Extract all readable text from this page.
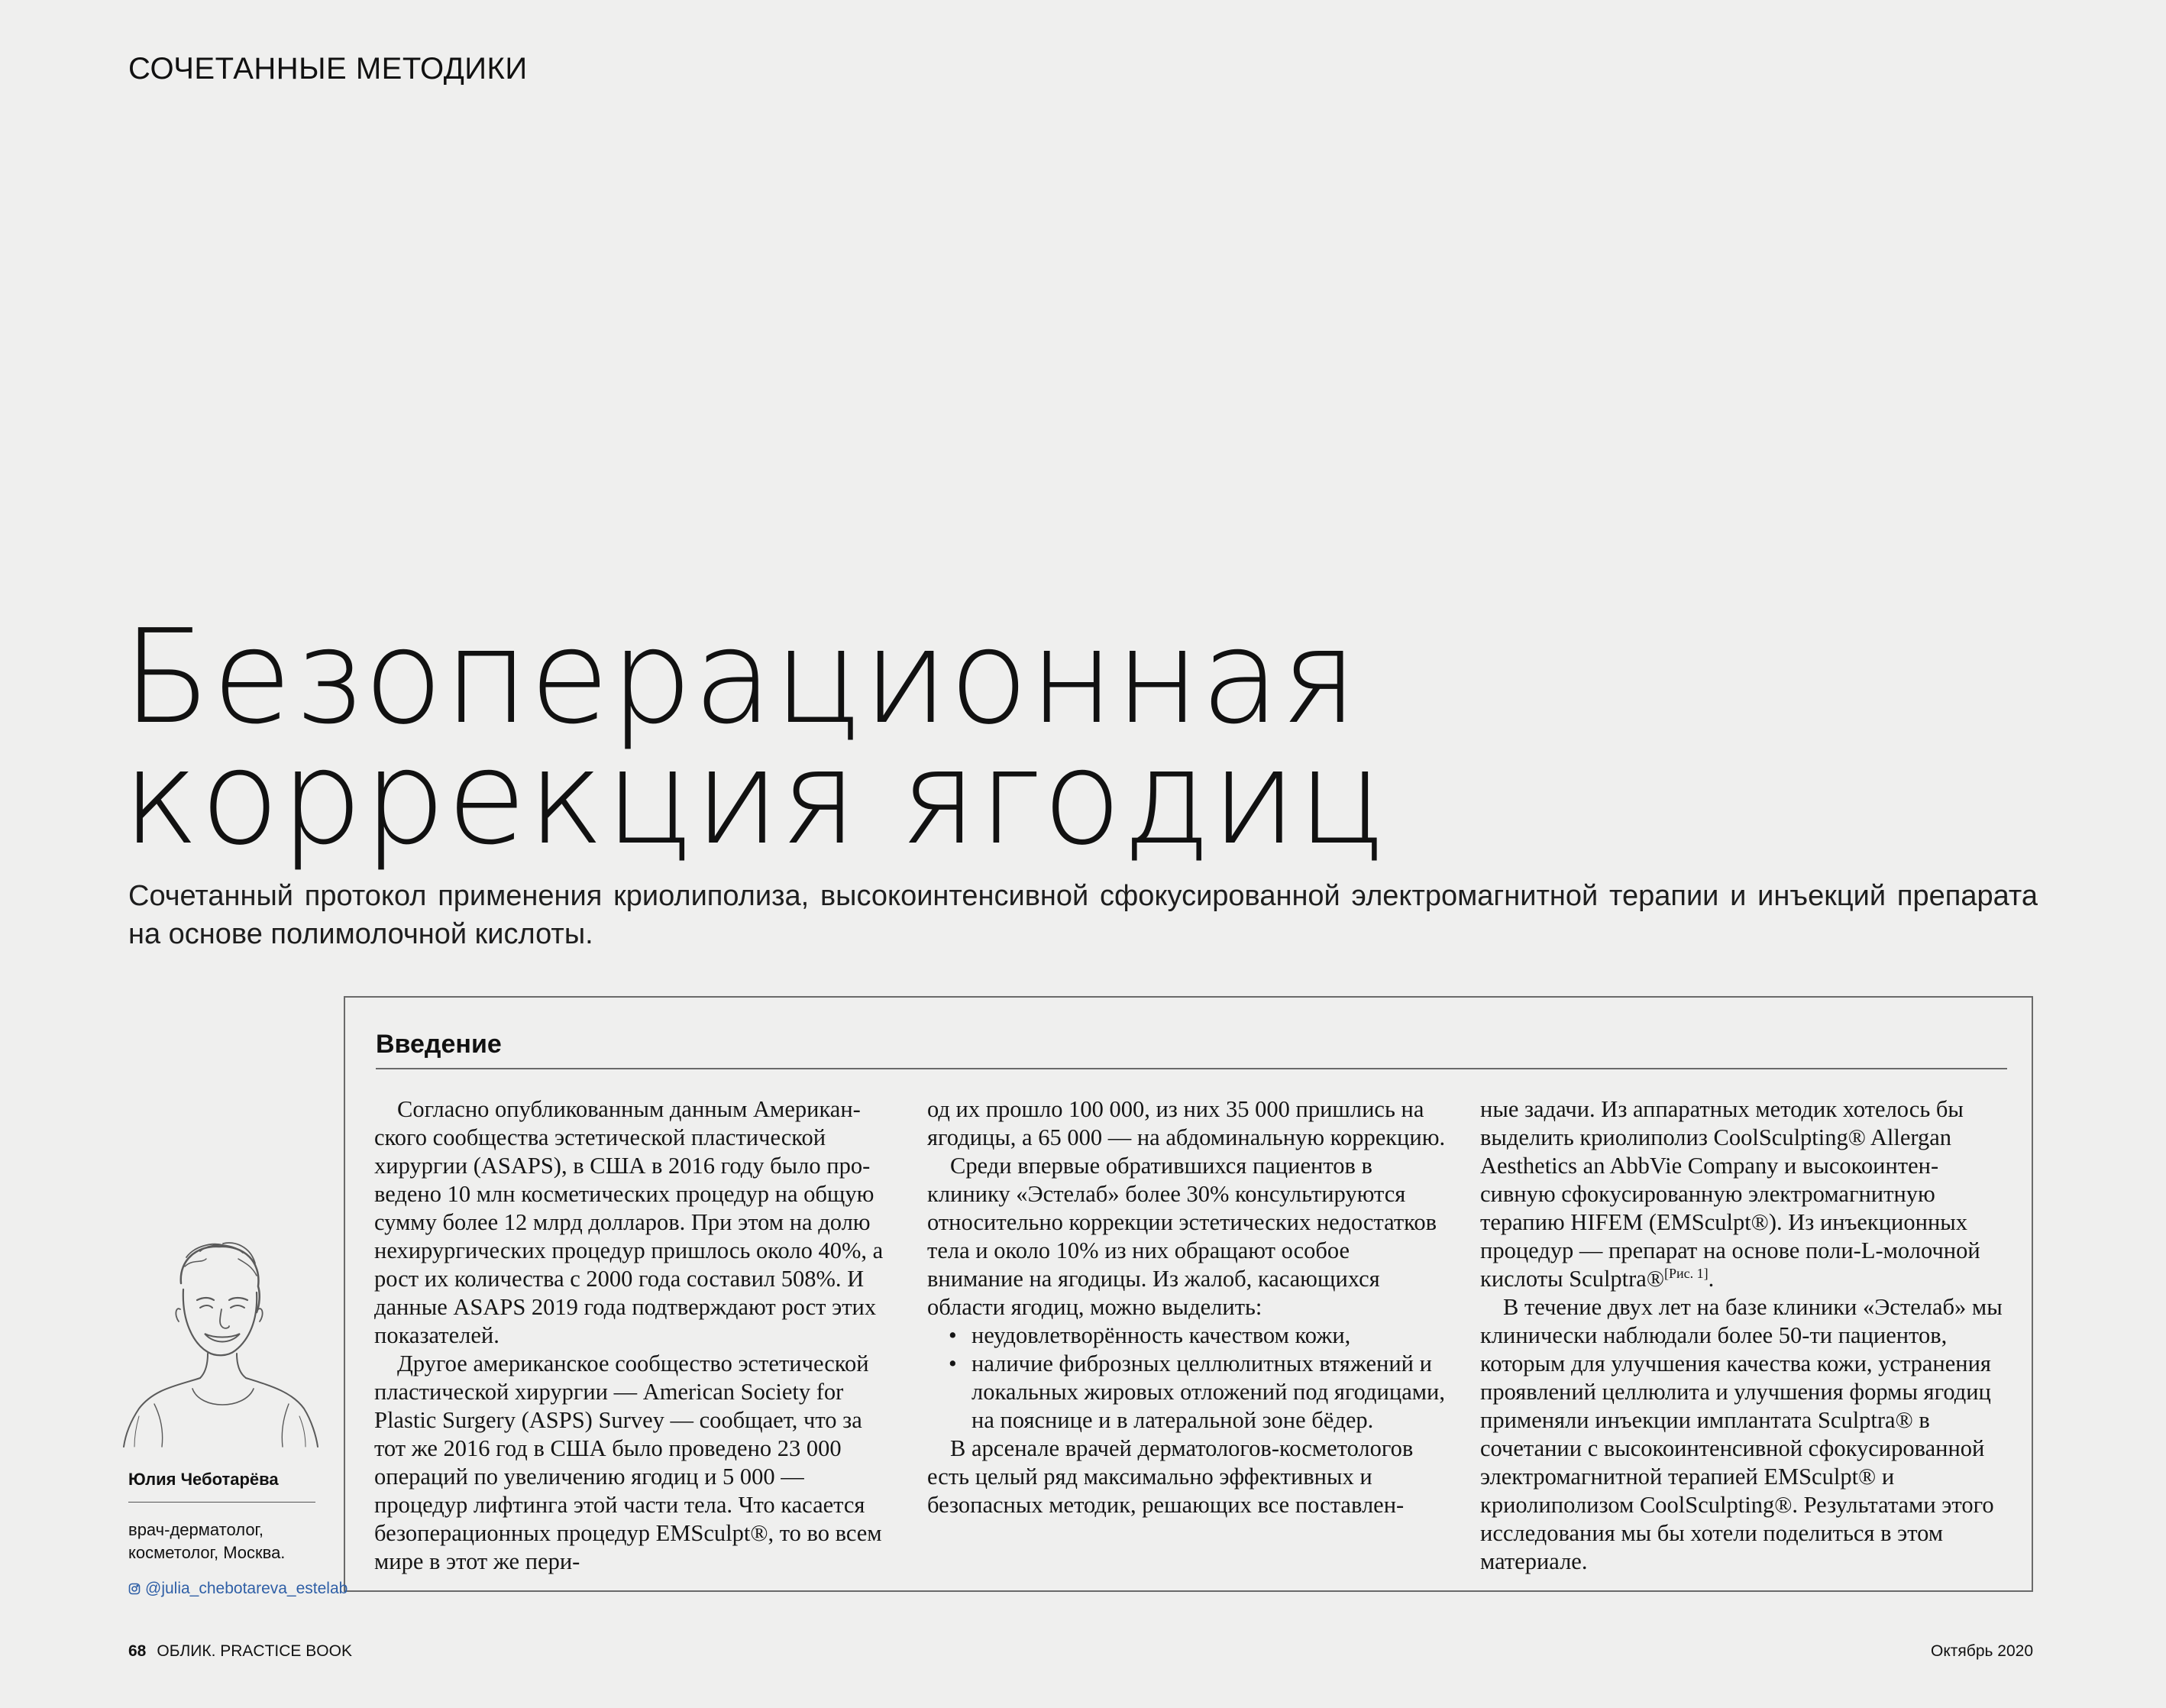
СОЧЕТАННЫЕ МЕТОДИКИ
Безоперационная
коррекция ягодиц
Сочетанный протокол применения криолиполиза, высокоинтенсивной сфокусированной электромагнитной терапии и инъекций препарата на основе полимолочной кислоты.
Введение

Согласно опубликованным данным Американского сообщества эстетической пластической хирургии (ASAPS), в США в 2016 году было проведено 10 млн косметических процедур на общую сумму более 12 млрд долларов. При этом на долю нехирургических процедур пришлось около 40%, а рост их количества с 2000 года составил 508%. И данные ASAPS 2019 года подтверждают рост этих показателей.

Другое американское сообщество эстетической пластической хирургии — American Society for Plastic Surgery (ASPS) Survey — сообщает, что за тот же 2016 год в США было проведено 23 000 операций по увеличению ягодиц и 5 000 — процедур лифтинга этой части тела. Что касается безоперационных процедур EMSculpt®, то во всем мире в этот же пери-

од их прошло 100 000, из них 35 000 пришлись на ягодицы, а 65 000 — на абдоминальную коррекцию.

Среди впервые обратившихся пациентов в клинику «Эстелаб» более 30% консультируются относительно коррекции эстетических недостатков тела и около 10% из них обращают особое внимание на ягодицы. Из жалоб, касающихся области ягодиц, можно выделить:

• неудовлетворённость качеством кожи,
• наличие фиброзных целлюлитных втяжений и локальных жировых отложений под ягодицами, на пояснице и в латеральной зоне бёдер.

В арсенале врачей дерматологов-косметологов есть целый ряд максимально эффективных и безопасных методик, решающих все поставлен-

ные задачи. Из аппаратных методик хотелось бы выделить криолиполиз CoolSculpting® Allergan Aesthetics an AbbVie Company и высокоинтенсивную сфокусированную электромагнитную терапию HIFEM (EMSculpt®). Из инъекционных процедур — препарат на основе поли-L-молочной кислоты Sculptra®[Рис. 1].

В течение двух лет на базе клиники «Эстелаб» мы клинически наблюдали более 50-ти пациентов, которым для улучшения качества кожи, устранения проявлений целлюлита и улучшения формы ягодиц применяли инъекции имплантата Sculptra® в сочетании с высокоинтенсивной сфокусированной электромагнитной терапией EMSculpt® и криолиполизом CoolSculpting®. Результатами этого исследования мы бы хотели поделиться в этом материале.

Юлия Чеботарёва
врач-дерматолог, косметолог, Москва.
@julia_chebotareva_estelab
68 ОБЛИК. PRACTICE BOOK	Октябрь 2020
